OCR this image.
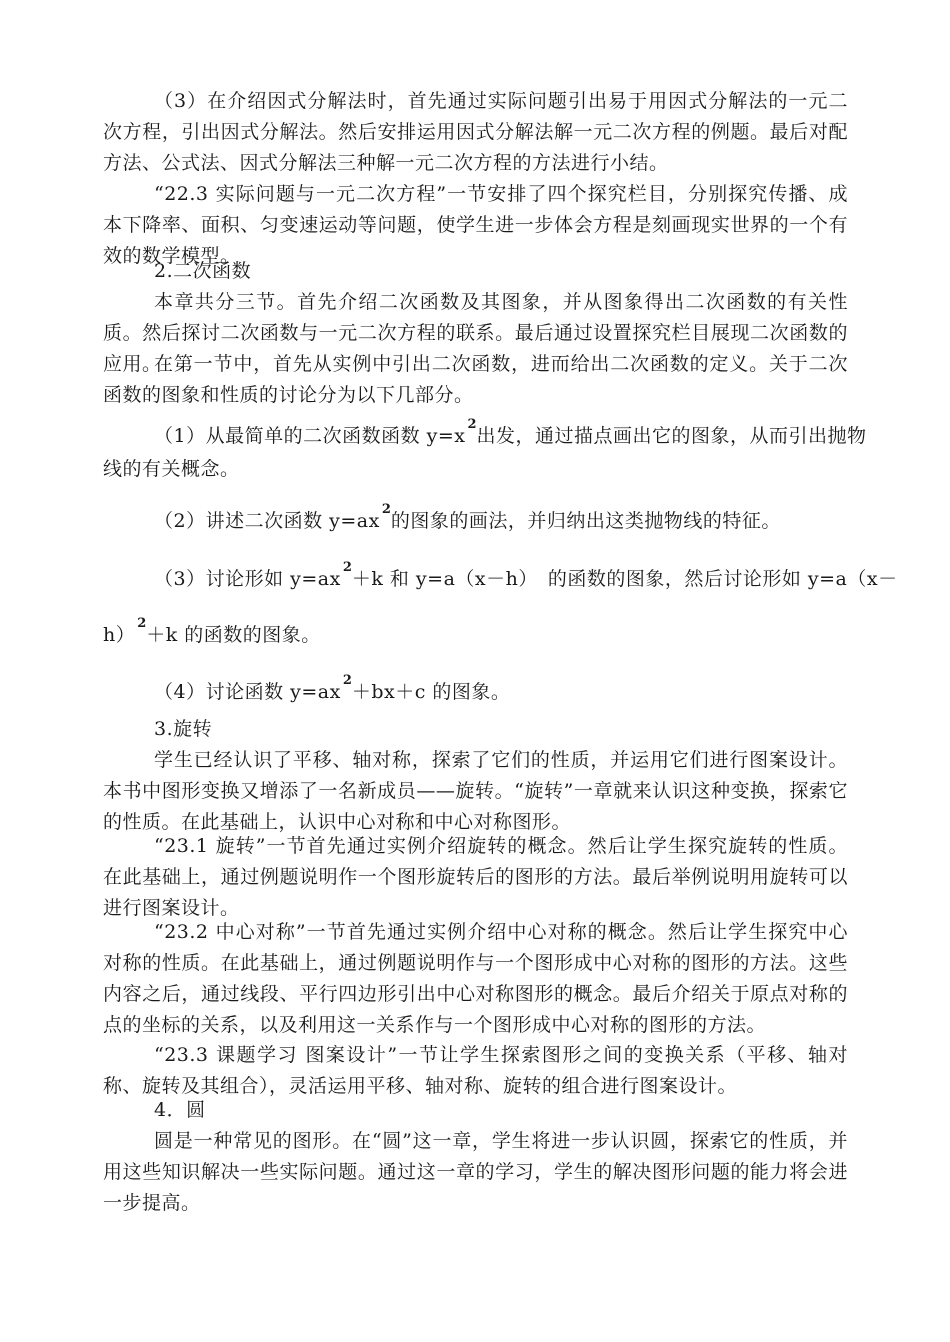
（3）在介绍因式分解法时，首先通过实际问题引出易于用因式分解法的一元二次方程，引出因式分解法。然后安排运用因式分解法解一元二次方程的例题。最后对配方法、公式法、因式分解法三种解一元二次方程的方法进行小结。

“22.3 实际问题与一元二次方程”一节安排了四个探究栏目，分别探究传播、成本下降率、面积、匀变速运动等问题，使学生进一步体会方程是刻画现实世界的一个有效的数学模型。

2.二次函数

本章共分三节。首先介绍二次函数及其图象，并从图象得出二次函数的有关性质。然后探讨二次函数与一元二次方程的联系。最后通过设置探究栏目展现二次函数的应用。

在第一节中，首先从实例中引出二次函数，进而给出二次函数的定义。关于二次函数的图象和性质的讨论分为以下几部分。

（1）从最简单的二次函数函数 y=x2出发，通过描点画出它的图象，从而引出抛物

线的有关概念。

（2）讲述二次函数 y=ax2的图象的画法，并归纳出这类抛物线的特征。

（3）讨论形如 y=ax2＋k 和 y=a（x－h）　的函数的图象，然后讨论形如 y=a（x－

h）2＋k 的函数的图象。

（4）讨论函数 y=ax2＋bx＋c 的图象。

3.旋转

学生已经认识了平移、轴对称，探索了它们的性质，并运用它们进行图案设计。本书中图形变换又增添了一名新成员——旋转。“旋转”一章就来认识这种变换，探索它的性质。在此基础上，认识中心对称和中心对称图形。

“23.1 旋转”一节首先通过实例介绍旋转的概念。然后让学生探究旋转的性质。在此基础上，通过例题说明作一个图形旋转后的图形的方法。最后举例说明用旋转可以进行图案设计。

“23.2 中心对称”一节首先通过实例介绍中心对称的概念。然后让学生探究中心对称的性质。在此基础上，通过例题说明作与一个图形成中心对称的图形的方法。这些内容之后，通过线段、平行四边形引出中心对称图形的概念。最后介绍关于原点对称的点的坐标的关系，以及利用这一关系作与一个图形成中心对称的图形的方法。

“23.3 课题学习 图案设计”一节让学生探索图形之间的变换关系（平移、轴对称、旋转及其组合），灵活运用平移、轴对称、旋转的组合进行图案设计。

4．圆

圆是一种常见的图形。在“圆”这一章，学生将进一步认识圆，探索它的性质，并用这些知识解决一些实际问题。通过这一章的学习，学生的解决图形问题的能力将会进一步提高。
